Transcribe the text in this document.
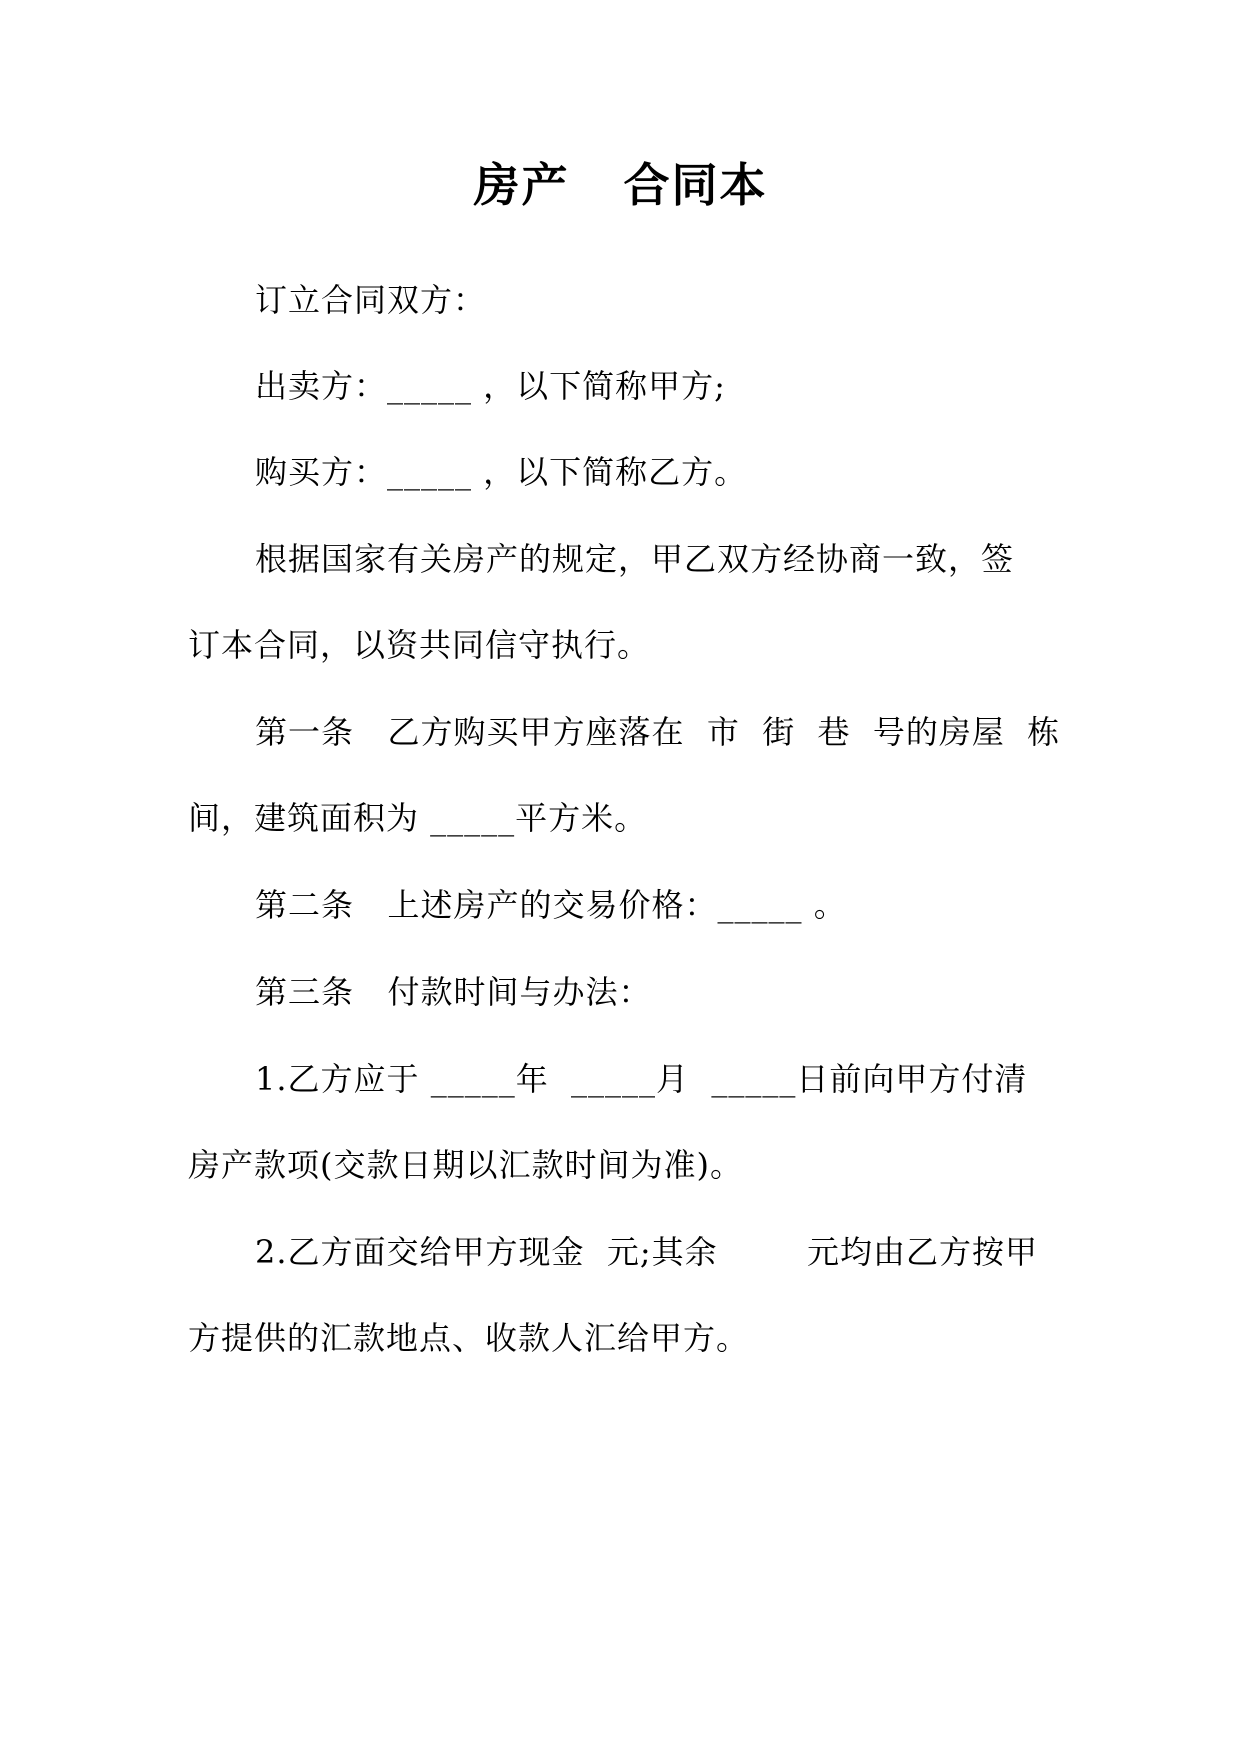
房产   合同本

订立合同双方：

出卖方：_____ ，以下简称甲方;

购买方：_____ ，以下简称乙方。

根据国家有关房产的规定，甲乙双方经协商一致，签

订本合同，以资共同信守执行。

第一条   乙方购买甲方座落在  市  街  巷  号的房屋  栋

间，建筑面积为 _____平方米。

第二条   上述房产的交易价格：_____ 。

第三条   付款时间与办法：

1.乙方应于 _____年  _____月  _____日前向甲方付清

房产款项(交款日期以汇款时间为准)。

2.乙方面交给甲方现金  元;其余        元均由乙方按甲

方提供的汇款地点、收款人汇给甲方。
